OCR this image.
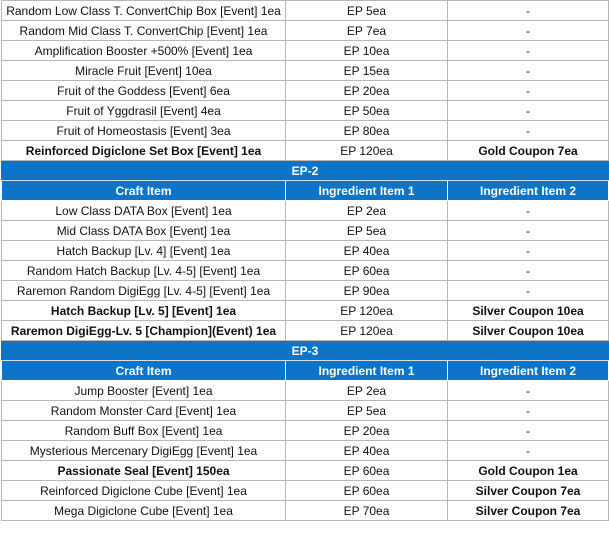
Random Low Class T. ConvertChip Box [Event] 1ea	EP 5ea	-
Random Mid Class T. ConvertChip [Event] 1ea	EP 7ea	-
Amplification Booster +500% [Event] 1ea	EP 10ea	-
Miracle Fruit [Event] 10ea	EP 15ea	-
Fruit of the Goddess [Event] 6ea	EP 20ea	-
Fruit of Yggdrasil [Event] 4ea	EP 50ea	-
Fruit of Homeostasis [Event] 3ea	EP 80ea	-
Reinforced Digiclone Set Box [Event] 1ea	EP 120ea	Gold Coupon 7ea
EP-2		
Craft Item	Ingredient Item 1	Ingredient Item 2
Low Class DATA Box [Event] 1ea	EP 2ea	-
Mid Class DATA Box [Event] 1ea	EP 5ea	-
Hatch Backup [Lv. 4] [Event] 1ea	EP 40ea	-
Random Hatch Backup [Lv. 4-5] [Event] 1ea	EP 60ea	-
Raremon Random DigiEgg [Lv. 4-5] [Event] 1ea	EP 90ea	-
Hatch Backup [Lv. 5] [Event] 1ea	EP 120ea	Silver Coupon 10ea
Raremon DigiEgg-Lv. 5 [Champion](Event) 1ea	EP 120ea	Silver Coupon 10ea
EP-3		
Craft Item	Ingredient Item 1	Ingredient Item 2
Jump Booster [Event] 1ea	EP 2ea	-
Random Monster Card [Event] 1ea	EP 5ea	-
Random Buff Box [Event] 1ea	EP 20ea	-
Mysterious Mercenary DigiEgg [Event] 1ea	EP 40ea	-
Passionate Seal [Event] 150ea	EP 60ea	Gold Coupon 1ea
Reinforced Digiclone Cube [Event] 1ea	EP 60ea	Silver Coupon 7ea
Mega Digiclone Cube [Event] 1ea	EP 70ea	Silver Coupon 7ea
